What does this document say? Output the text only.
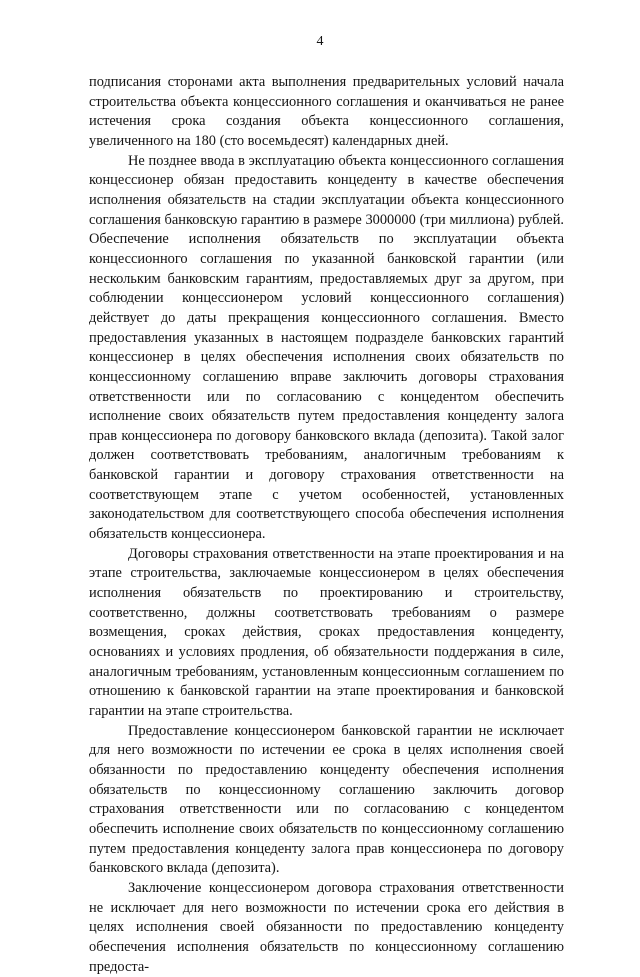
4

подписания сторонами акта выполнения предварительных условий начала строительства объекта концессионного соглашения и оканчиваться не ранее истечения срока создания объекта концессионного соглашения, увеличенного на 180 (сто восемьдесят) календарных дней.

Не позднее ввода в эксплуатацию объекта концессионного соглашения концессионер обязан предоставить концеденту в качестве обеспечения исполнения обязательств на стадии эксплуатации объекта концессионного соглашения банковскую гарантию в размере 3000000 (три миллиона) рублей. Обеспечение исполнения обязательств по эксплуатации объекта концессионного соглашения по указанной банковской гарантии (или нескольким банковским гарантиям, предоставляемых друг за другом, при соблюдении концессионером условий концессионного соглашения) действует до даты прекращения концессионного соглашения. Вместо предоставления указанных в настоящем подразделе банковских гарантий концессионер в целях обеспечения исполнения своих обязательств по концессионному соглашению вправе заключить договоры страхования ответственности или по согласованию с концедентом обеспечить исполнение своих обязательств путем предоставления концеденту залога прав концессионера по договору банковского вклада (депозита). Такой залог должен соответствовать требованиям, аналогичным требованиям к банковской гарантии и договору страхования ответственности на соответствующем этапе с учетом особенностей, установленных законодательством для соответствующего способа обеспечения исполнения обязательств концессионера.

Договоры страхования ответственности на этапе проектирования и на этапе строительства, заключаемые концессионером в целях обеспечения исполнения обязательств по проектированию и строительству, соответственно, должны соответствовать требованиям о размере возмещения, сроках действия, сроках предоставления концеденту, основаниях и условиях продления, об обязательности поддержания в силе, аналогичным требованиям, установленным концессионным соглашением по отношению к банковской гарантии на этапе проектирования и банковской гарантии на этапе строительства.

Предоставление концессионером банковской гарантии не исключает для него возможности по истечении ее срока в целях исполнения своей обязанности по предоставлению концеденту обеспечения исполнения обязательств по концессионному соглашению заключить договор страхования ответственности или по согласованию с концедентом обеспечить исполнение своих обязательств по концессионному соглашению путем предоставления концеденту залога прав концессионера по договору банковского вклада (депозита).

Заключение концессионером договора страхования ответственности не исключает для него возможности по истечении срока его действия в целях исполнения своей обязанности по предоставлению концеденту обеспечения исполнения обязательств по концессионному соглашению предоста-
